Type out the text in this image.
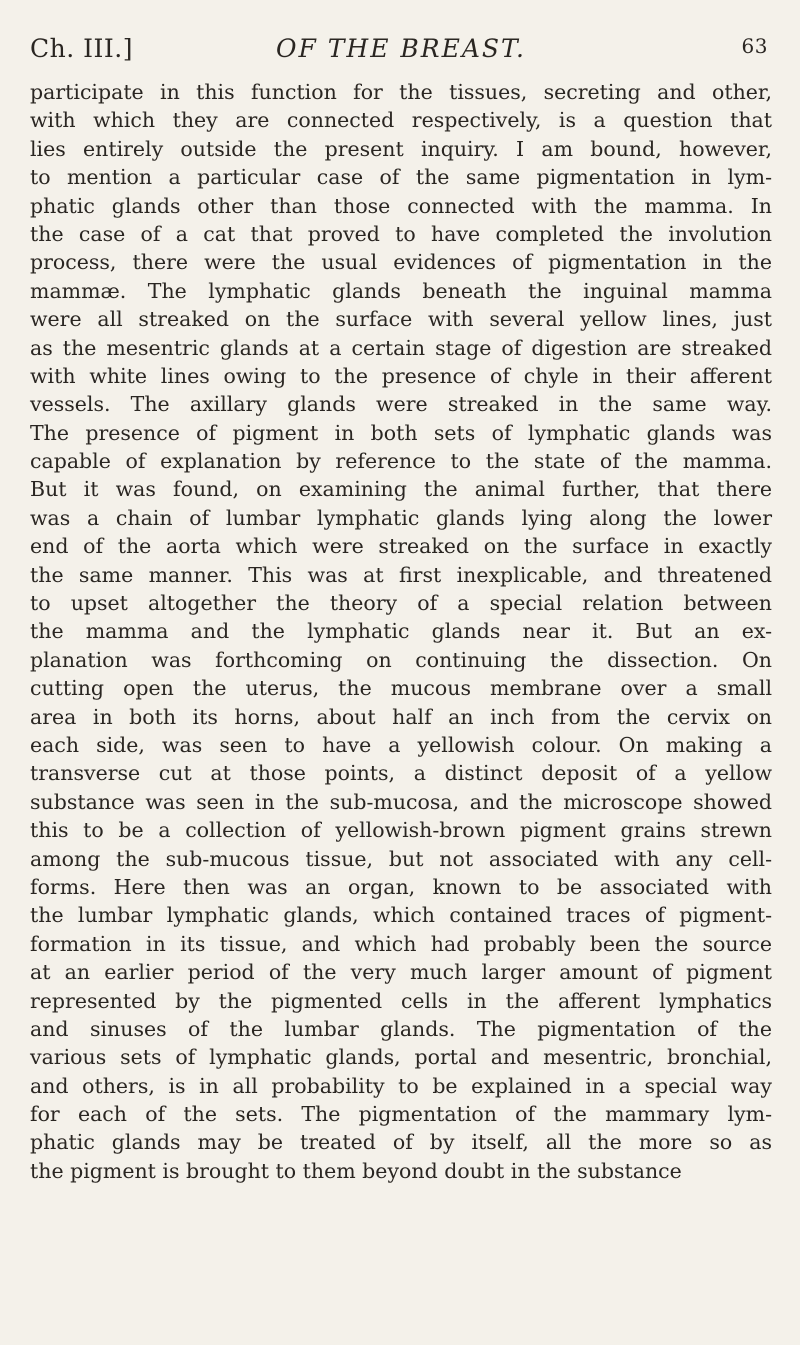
Ch. III.]	OF THE BREAST.	63
participate in this function for the tissues, secreting and other,
with which they are connected respectively, is a question that
lies entirely outside the present inquiry. I am bound, however,
to mention a particular case of the same pigmentation in lym-
phatic glands other than those connected with the mamma. In
the case of a cat that proved to have completed the involution
process, there were the usual evidences of pigmentation in the
mammæ. The lymphatic glands beneath the inguinal mamma
were all streaked on the surface with several yellow lines, just
as the mesentric glands at a certain stage of digestion are streaked
with white lines owing to the presence of chyle in their afferent
vessels. The axillary glands were streaked in the same way.
The presence of pigment in both sets of lymphatic glands was
capable of explanation by reference to the state of the mamma.
But it was found, on examining the animal further, that there
was a chain of lumbar lymphatic glands lying along the lower
end of the aorta which were streaked on the surface in exactly
the same manner. This was at first inexplicable, and threatened
to upset altogether the theory of a special relation between
the mamma and the lymphatic glands near it. But an ex-
planation was forthcoming on continuing the dissection. On
cutting open the uterus, the mucous membrane over a small
area in both its horns, about half an inch from the cervix on
each side, was seen to have a yellowish colour. On making a
transverse cut at those points, a distinct deposit of a yellow
substance was seen in the sub-mucosa, and the microscope showed
this to be a collection of yellowish-brown pigment grains strewn
among the sub-mucous tissue, but not associated with any cell-
forms. Here then was an organ, known to be associated with
the lumbar lymphatic glands, which contained traces of pigment-
formation in its tissue, and which had probably been the source
at an earlier period of the very much larger amount of pigment
represented by the pigmented cells in the afferent lymphatics
and sinuses of the lumbar glands. The pigmentation of the
various sets of lymphatic glands, portal and mesentric, bronchial,
and others, is in all probability to be explained in a special way
for each of the sets. The pigmentation of the mammary lym-
phatic glands may be treated of by itself, all the more so as
the pigment is brought to them beyond doubt in the substance
